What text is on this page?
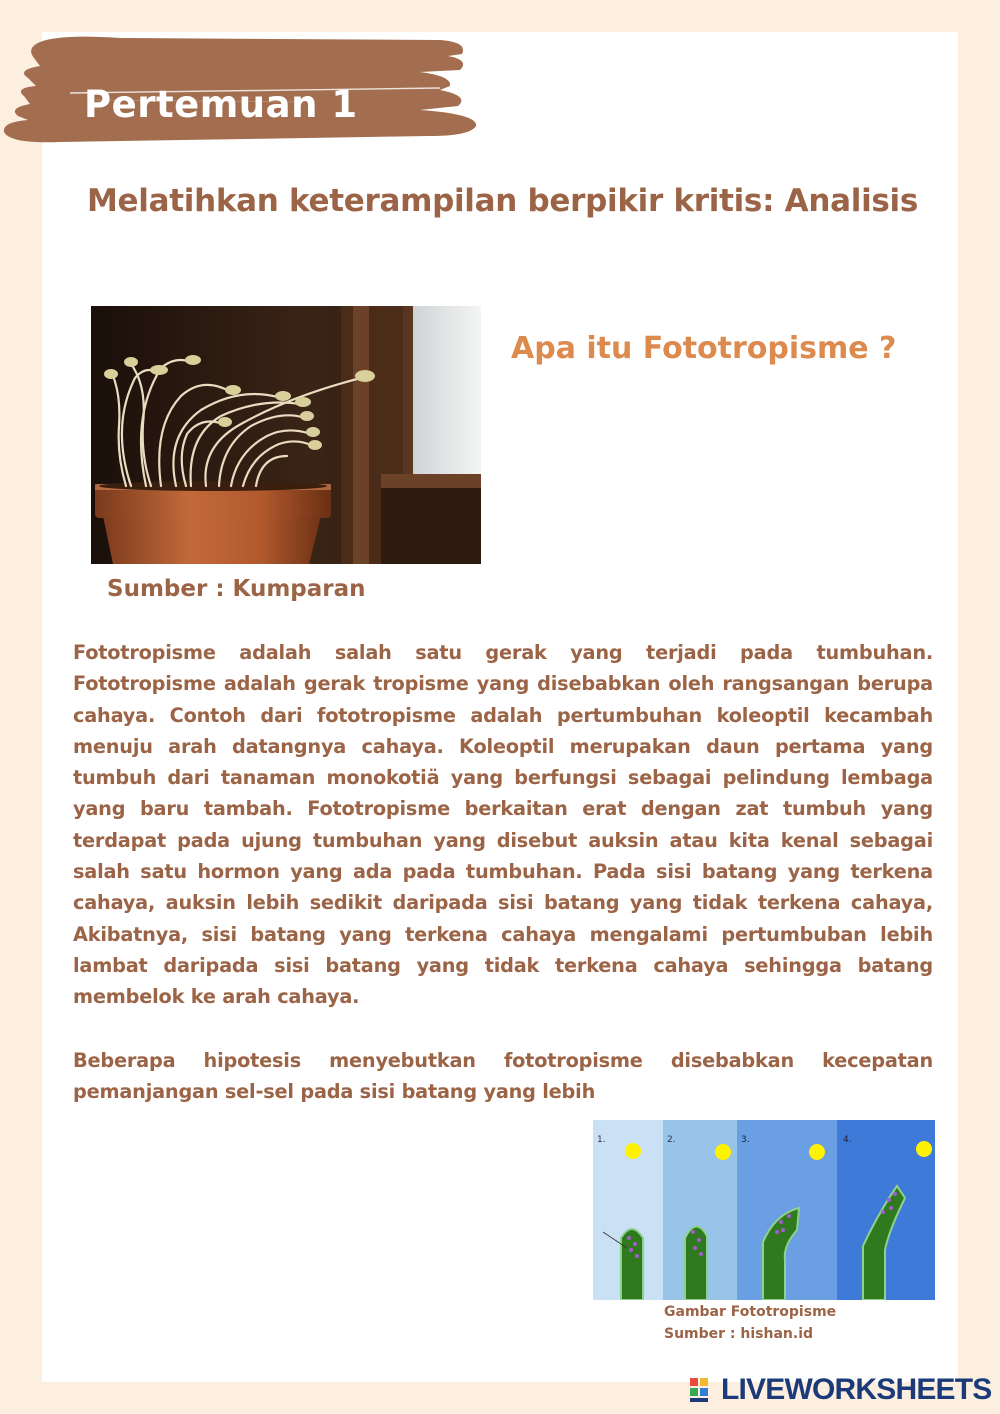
Pertemuan 1
Melatihkan keterampilan berpikir kritis: Analisis
Apa itu Fototropisme ?

Sumber : Kumparan

Fototropisme adalah salah satu gerak yang terjadi pada tumbuhan. Fototropisme adalah gerak tropisme yang disebabkan oleh rangsangan berupa cahaya. Contoh dari fototropisme adalah pertumbuhan koleoptil kecambah menuju arah datangnya cahaya. Koleoptil merupakan daun pertama yang tumbuh dari tanaman monokotiä yang berfungsi sebagai pelindung lembaga yang baru tambah. Fototropisme berkaitan erat dengan zat tumbuh yang terdapat pada ujung tumbuhan yang disebut auksin atau kita kenal sebagai salah satu hormon yang ada pada tumbuhan. Pada sisi batang yang terkena cahaya, auksin lebih sedikit daripada sisi batang yang tidak terkena cahaya, Akibatnya, sisi batang yang terkena cahaya mengalami pertumbuban lebih lambat daripada sisi batang yang tidak terkena cahaya sehingga batang membelok ke arah cahaya.

Beberapa hipotesis menyebutkan fototropisme disebabkan kecepatan pemanjangan sel-sel pada sisi batang yang lebih

1.	2.	3.	4.

Gambar Fototropisme

Sumber : hishan.id

LIVEWORKSHEETS
